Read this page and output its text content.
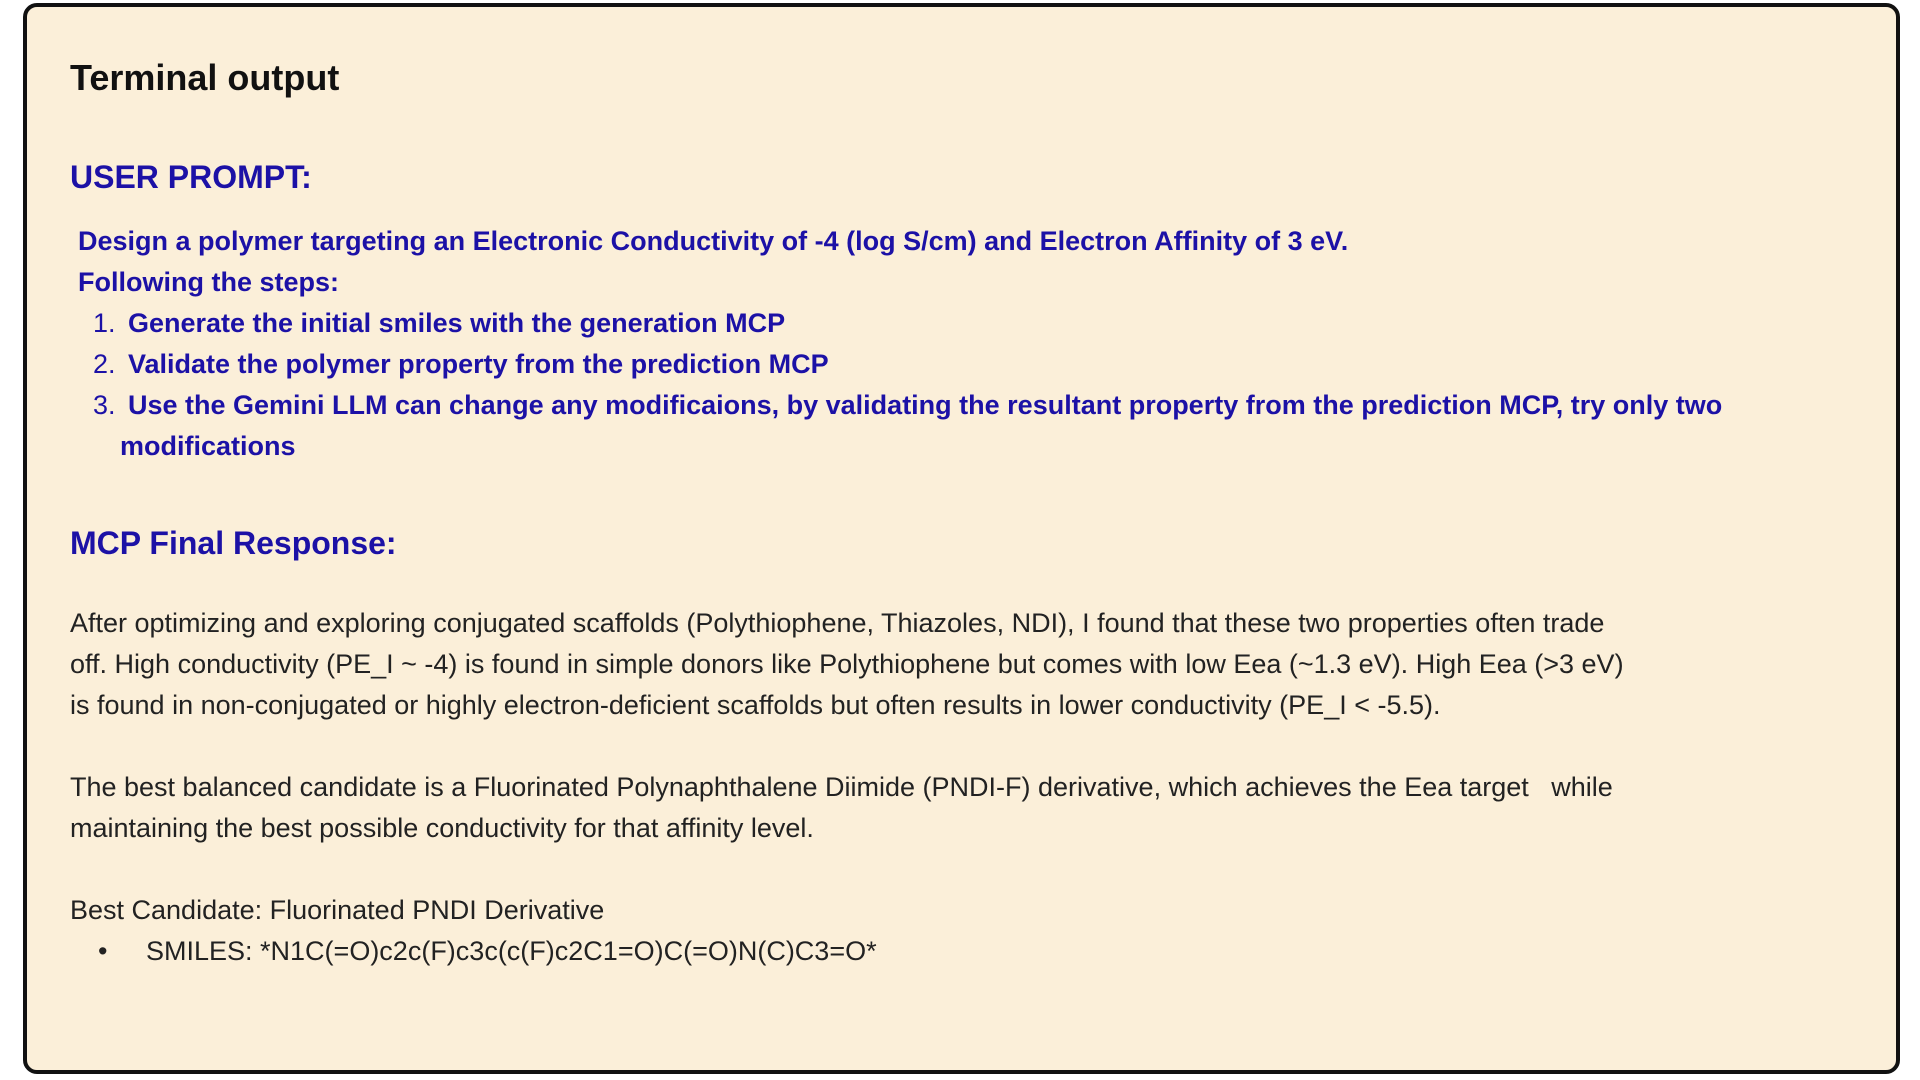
Terminal output
USER PROMPT:

Design a polymer targeting an Electronic Conductivity of -4 (log S/cm) and Electron Affinity of 3 eV.

Following the steps:

1. Generate the initial smiles with the generation MCP
2. Validate the polymer property from the prediction MCP
3. Use the Gemini LLM can change any modificaions, by validating the resultant property from the prediction MCP, try only two
modifications
MCP Final Response:

After optimizing and exploring conjugated scaffolds (Polythiophene, Thiazoles, NDI), I found that these two properties often trade
off. High conductivity (PE_I ~ -4) is found in simple donors like Polythiophene but comes with low Eea (~1.3 eV). High Eea (>3 eV)
is found in non-conjugated or highly electron-deficient scaffolds but often results in lower conductivity (PE_I < -5.5).

The best balanced candidate is a Fluorinated Polynaphthalene Diimide (PNDI-F) derivative, which achieves the Eea target   while
maintaining the best possible conductivity for that affinity level.

Best Candidate: Fluorinated PNDI Derivative

• SMILES: *N1C(=O)c2c(F)c3c(c(F)c2C1=O)C(=O)N(C)C3=O*
